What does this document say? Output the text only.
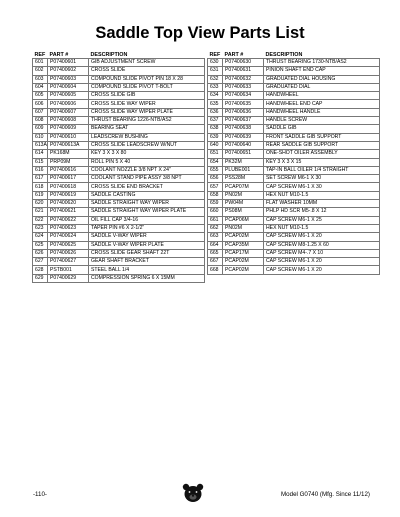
Saddle Top View Parts List
REF	PART #	DESCRIPTION
601	P07400601	GIB ADJUSTMENT SCREW
602	P07400602	CROSS SLIDE
603	P07400603	COMPOUND SLIDE PIVOT PIN 18 X 28
604	P07400604	COMPOUND SLIDE PIVOT T-BOLT
605	P07400605	CROSS SLIDE GIB
606	P07400606	CROSS SLIDE WAY WIPER
607	P07400607	CROSS SLIDE WAY WIPER PLATE
608	P07400608	THRUST BEARING 1226-NTB/AS2
609	P07400609	BEARING SEAT
610	P07400610	LEADSCREW BUSHING
613A	P07400613A	CROSS SLIDE LEADSCREW W/NUT
614	PK168M	KEY 3 X 3 X 80
615	PRP09M	ROLL PIN 5 X 40
616	P07400616	COOLANT NOZZLE 3/8 NPT X 24"
617	P07400617	COOLANT STAND PIPE ASSY 3/8 NPT
618	P07400618	CROSS SLIDE END BRACKET
619	P07400619	SADDLE CASTING
620	P07400620	SADDLE STRAIGHT WAY WIPER
621	P07400621	SADDLE STRAIGHT WAY WIPER PLATE
622	P07400622	OIL FILL CAP 3/4-16
623	P07400623	TAPER PIN #6 X 2-1/2"
624	P07400624	SADDLE V-WAY WIPER
625	P07400625	SADDLE V-WAY WIPER PLATE
626	P07400626	CROSS SLIDE GEAR SHAFT 22T
627	P07400627	GEAR SHAFT BRACKET
628	PSTB001	STEEL BALL 1/4
629	P07400629	COMPRESSION SPRING 6 X 15MM
REF	PART #	DESCRIPTION
630	P07400630	THRUST BEARING 1730-NTB/AS2
631	P07400631	PINION SHAFT END CAP
632	P07400632	GRADUATED DIAL HOUSING
633	P07400633	GRADUATED DIAL
634	P07400634	HANDWHEEL
635	P07400635	HANDWHEEL END CAP
636	P07400636	HANDWHEEL HANDLE
637	P07400637	HANDLE SCREW
638	P07400638	SADDLE GIB
639	P07400639	FRONT SADDLE GIB SUPPORT
640	P07400640	REAR SADDLE GIB SUPPORT
651	P07400651	ONE-SHOT OILER ASSEMBLY
654	PK32M	KEY 3 X 3 X 15
655	PLUBE001	TAP-IN BALL OILER 1/4 STRAIGHT
656	PSS28M	SET SCREW M6-1 X 30
657	PCAP07M	CAP SCREW M6-1 X 30
658	PN02M	HEX NUT M10-1.5
659	PW04M	FLAT WASHER 10MM
660	PS08M	PHLP HD SCR M5-.8 X 12
661	PCAP06M	CAP SCREW M6-1 X 25
662	PN02M	HEX NUT M10-1.5
663	PCAP02M	CAP SCREW M6-1 X 20
664	PCAP35M	CAP SCREW M8-1.25 X 60
665	PCAP17M	CAP SCREW M4-.7 X 10
667	PCAP02M	CAP SCREW M6-1 X 20
668	PCAP02M	CAP SCREW M6-1 X 20
-110-	Model G0740 (Mfg. Since 11/12)
